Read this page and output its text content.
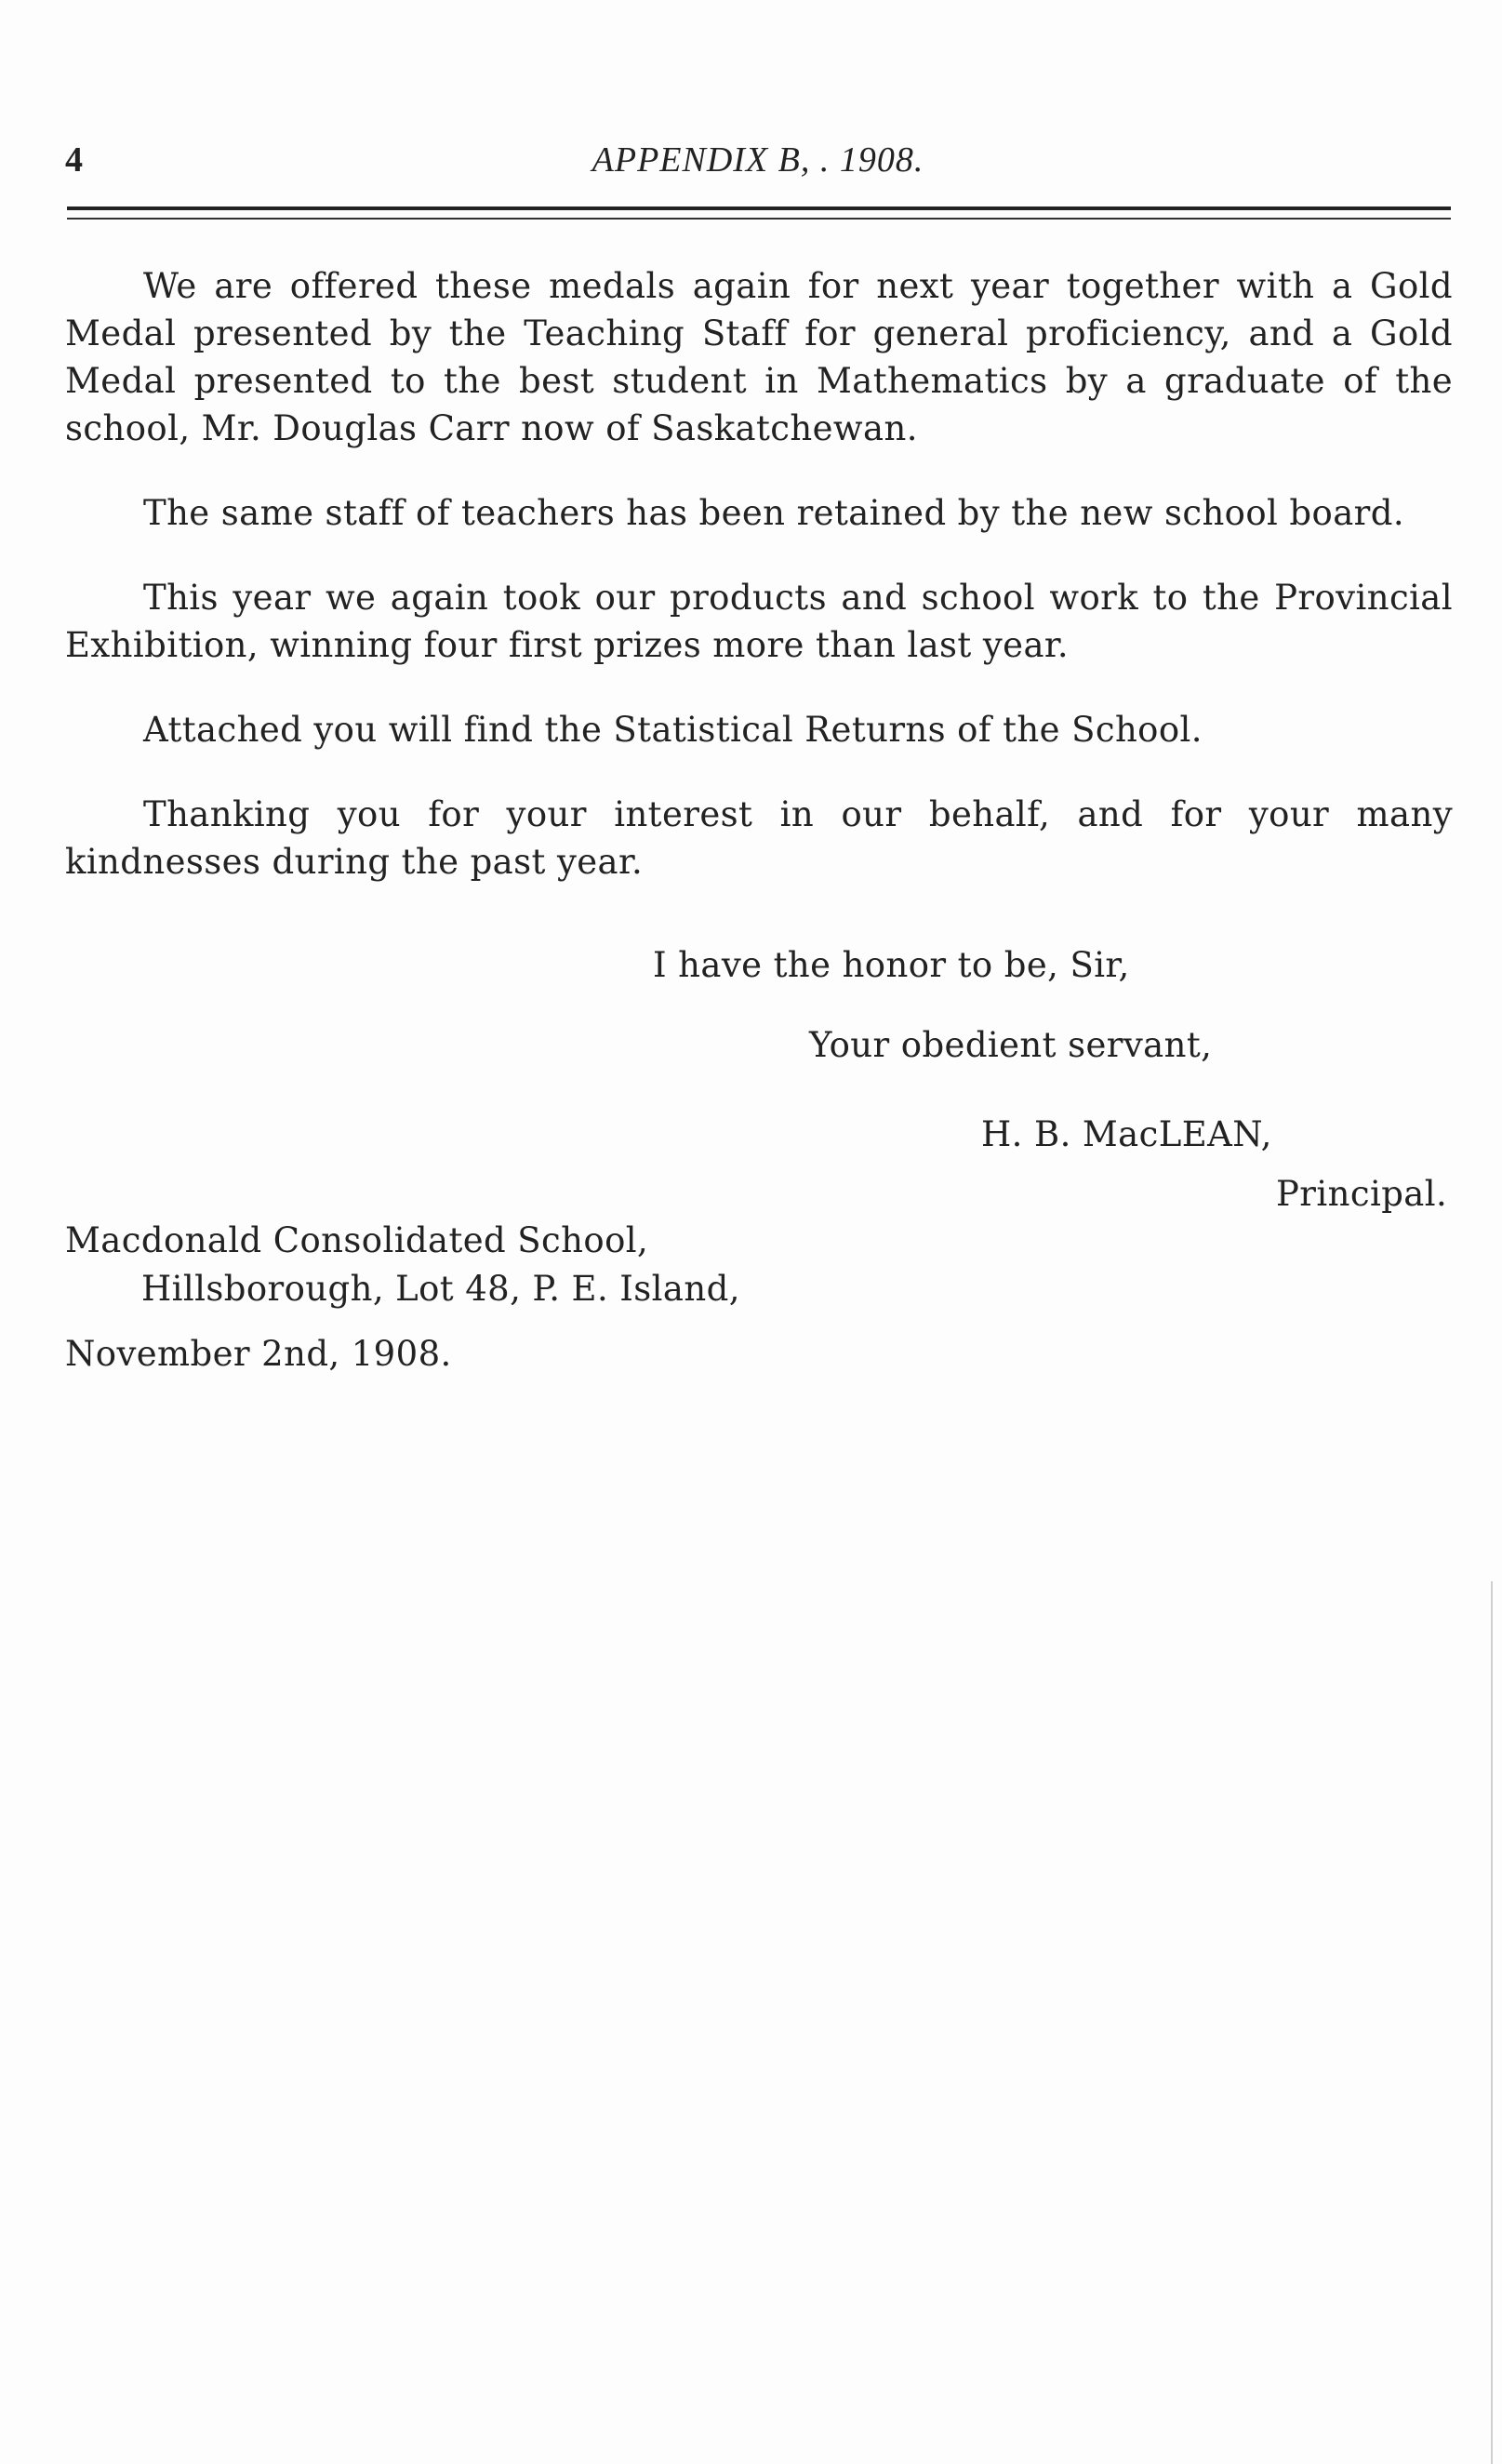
4	APPENDIX B, . 1908.

We are offered these medals again for next year together with a Gold Medal presented by the Teaching Staff for general proficiency, and a Gold Medal presented to the best student in Mathematics by a graduate of the school, Mr. Douglas Carr now of Saskatchewan.

The same staff of teachers has been retained by the new school board.

This year we again took our products and school work to the Provincial Exhibition, winning four first prizes more than last year.

Attached you will find the Statistical Returns of the School.

Thanking you for your interest in our behalf, and for your many kindnesses during the past year.

I have the honor to be, Sir,
Your obedient servant,
H. B. MacLEAN,
Principal.
Macdonald Consolidated School,
Hillsborough, Lot 48, P. E. Island,
November 2nd, 1908.
